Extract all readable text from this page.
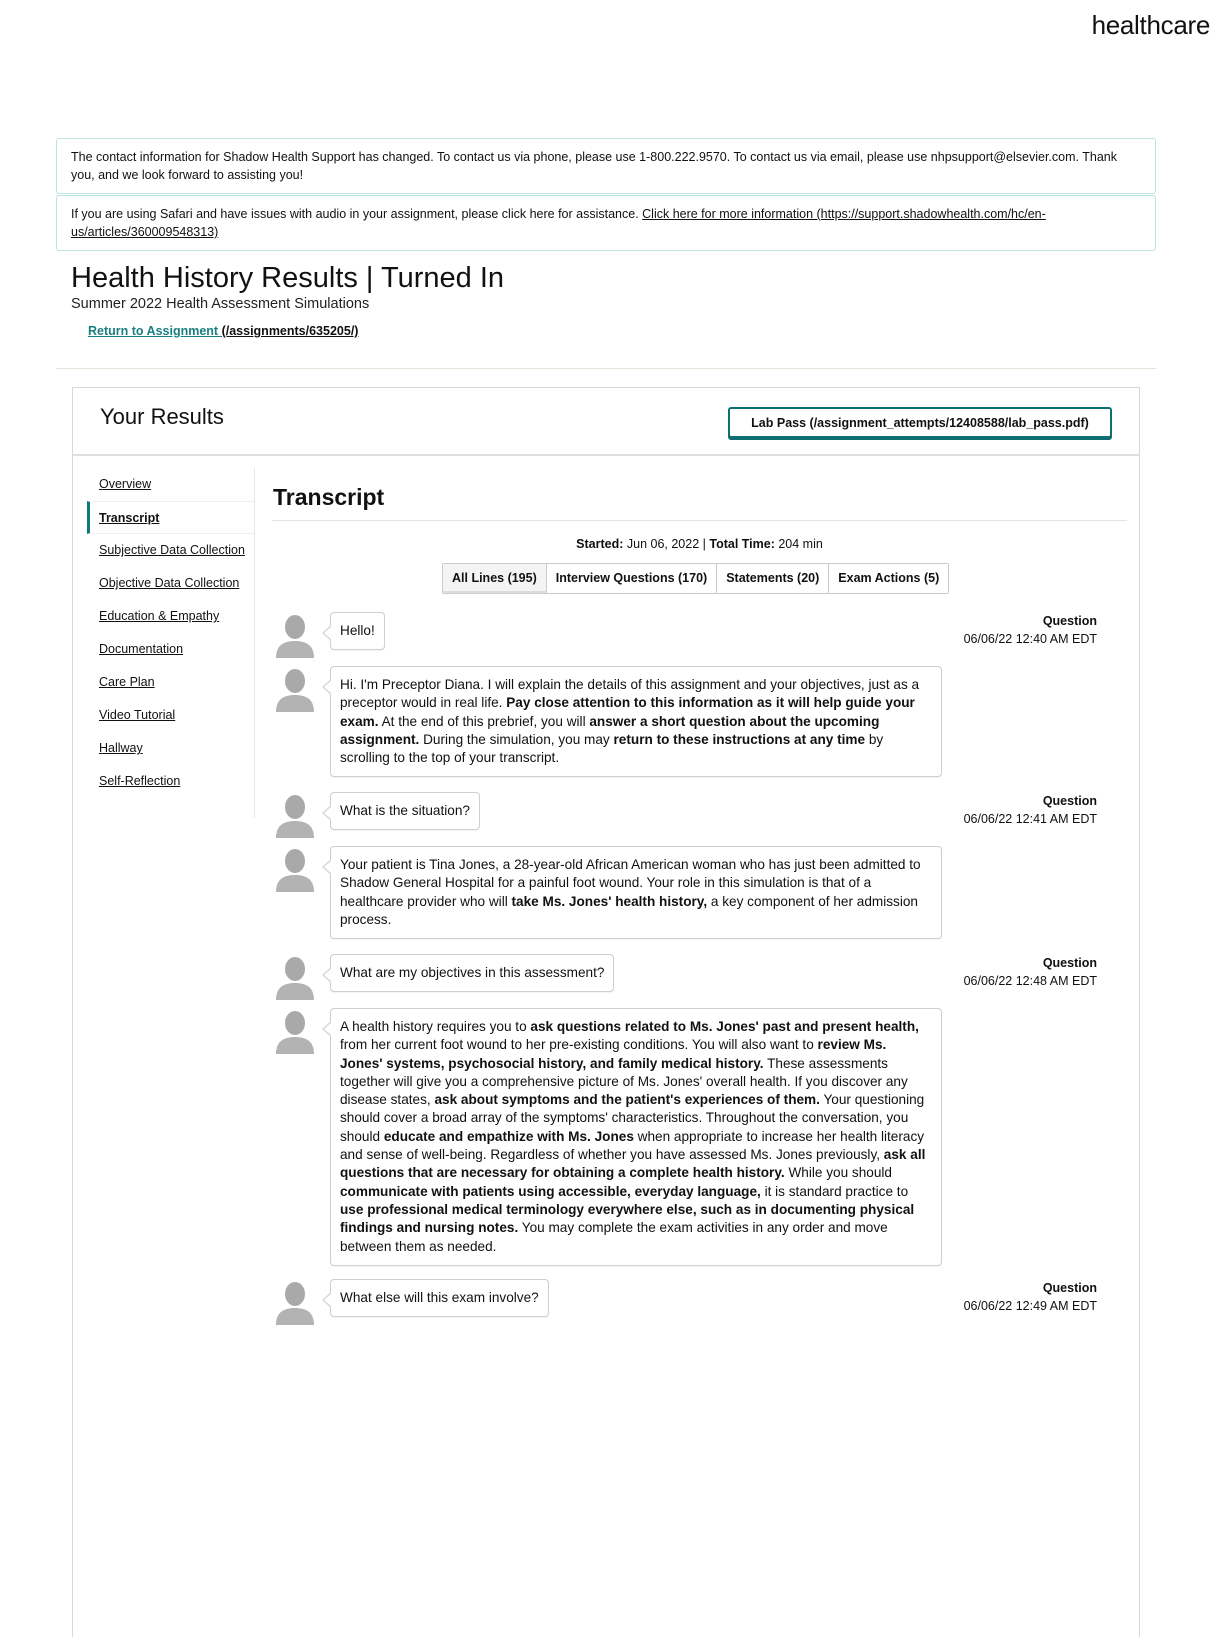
healthcare
The contact information for Shadow Health Support has changed. To contact us via phone, please use 1-800.222.9570. To contact us via email, please use nhpsupport@elsevier.com. Thank you, and we look forward to assisting you!
If you are using Safari and have issues with audio in your assignment, please click here for assistance. Click here for more information (https://support.shadowhealth.com/hc/en-us/articles/360009548313)
Health History Results | Turned In
Summer 2022 Health Assessment Simulations
Return to Assignment (/assignments/635205/)
Your Results	Lab Pass (/assignment_attempts/12408588/lab_pass.pdf)
Overview
Transcript
Subjective Data Collection
Objective Data Collection
Education & Empathy
Documentation
Care Plan
Video Tutorial
Hallway
Self-Reflection
Transcript
Started: Jun 06, 2022 | Total Time: 204 min
All Lines (195)	Interview Questions (170)	Statements (20)	Exam Actions (5)
Hello!
Question
06/06/22 12:40 AM EDT
Hi. I'm Preceptor Diana. I will explain the details of this assignment and your objectives, just as a preceptor would in real life. Pay close attention to this information as it will help guide your exam. At the end of this prebrief, you will answer a short question about the upcoming assignment. During the simulation, you may return to these instructions at any time by scrolling to the top of your transcript.
What is the situation?
Question
06/06/22 12:41 AM EDT
Your patient is Tina Jones, a 28-year-old African American woman who has just been admitted to Shadow General Hospital for a painful foot wound. Your role in this simulation is that of a healthcare provider who will take Ms. Jones' health history, a key component of her admission process.
What are my objectives in this assessment?
Question
06/06/22 12:48 AM EDT
A health history requires you to ask questions related to Ms. Jones' past and present health, from her current foot wound to her pre-existing conditions. You will also want to review Ms. Jones' systems, psychosocial history, and family medical history. These assessments together will give you a comprehensive picture of Ms. Jones' overall health. If you discover any disease states, ask about symptoms and the patient's experiences of them. Your questioning should cover a broad array of the symptoms' characteristics. Throughout the conversation, you should educate and empathize with Ms. Jones when appropriate to increase her health literacy and sense of well-being. Regardless of whether you have assessed Ms. Jones previously, ask all questions that are necessary for obtaining a complete health history. While you should communicate with patients using accessible, everyday language, it is standard practice to use professional medical terminology everywhere else, such as in documenting physical findings and nursing notes. You may complete the exam activities in any order and move between them as needed.
What else will this exam involve?
Question
06/06/22 12:49 AM EDT
